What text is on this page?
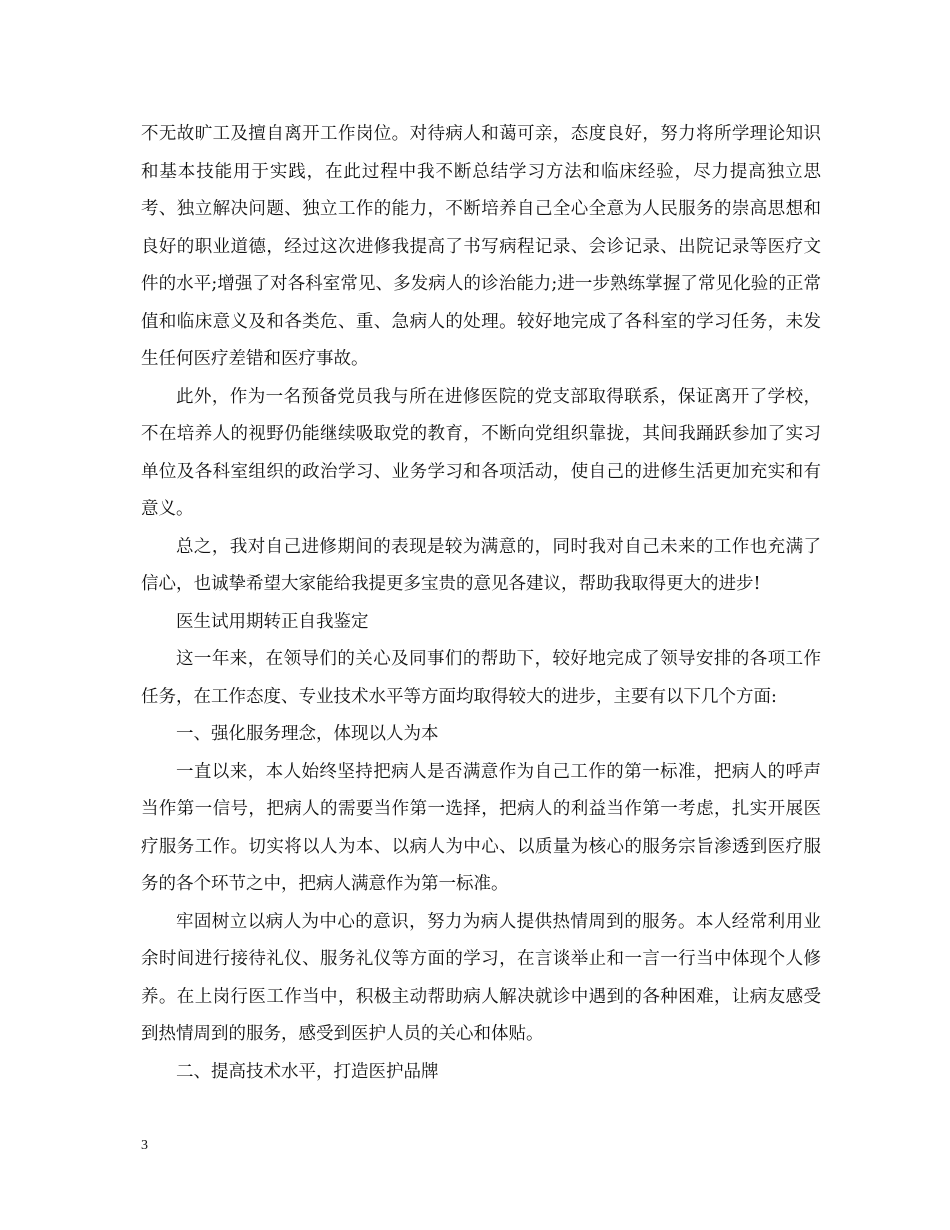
不无故旷工及擅自离开工作岗位。对待病人和蔼可亲，态度良好，努力将所学理论知识和基本技能用于实践，在此过程中我不断总结学习方法和临床经验，尽力提高独立思考、独立解决问题、独立工作的能力，不断培养自己全心全意为人民服务的崇高思想和良好的职业道德，经过这次进修我提高了书写病程记录、会诊记录、出院记录等医疗文件的水平;增强了对各科室常见、多发病人的诊治能力;进一步熟练掌握了常见化验的正常值和临床意义及和各类危、重、急病人的处理。较好地完成了各科室的学习任务，未发生任何医疗差错和医疗事故。

此外，作为一名预备党员我与所在进修医院的党支部取得联系，保证离开了学校，不在培养人的视野仍能继续吸取党的教育，不断向党组织靠拢，其间我踊跃参加了实习单位及各科室组织的政治学习、业务学习和各项活动，使自己的进修生活更加充实和有意义。

总之，我对自己进修期间的表现是较为满意的，同时我对自己未来的工作也充满了信心，也诚挚希望大家能给我提更多宝贵的意见各建议，帮助我取得更大的进步!

医生试用期转正自我鉴定

这一年来，在领导们的关心及同事们的帮助下，较好地完成了领导安排的各项工作任务，在工作态度、专业技术水平等方面均取得较大的进步，主要有以下几个方面:

一、强化服务理念，体现以人为本

一直以来，本人始终坚持把病人是否满意作为自己工作的第一标准，把病人的呼声当作第一信号，把病人的需要当作第一选择，把病人的利益当作第一考虑，扎实开展医疗服务工作。切实将以人为本、以病人为中心、以质量为核心的服务宗旨渗透到医疗服务的各个环节之中，把病人满意作为第一标准。

牢固树立以病人为中心的意识，努力为病人提供热情周到的服务。本人经常利用业余时间进行接待礼仪、服务礼仪等方面的学习，在言谈举止和一言一行当中体现个人修养。在上岗行医工作当中，积极主动帮助病人解决就诊中遇到的各种困难，让病友感受到热情周到的服务，感受到医护人员的关心和体贴。

二、提高技术水平，打造医护品牌

3
